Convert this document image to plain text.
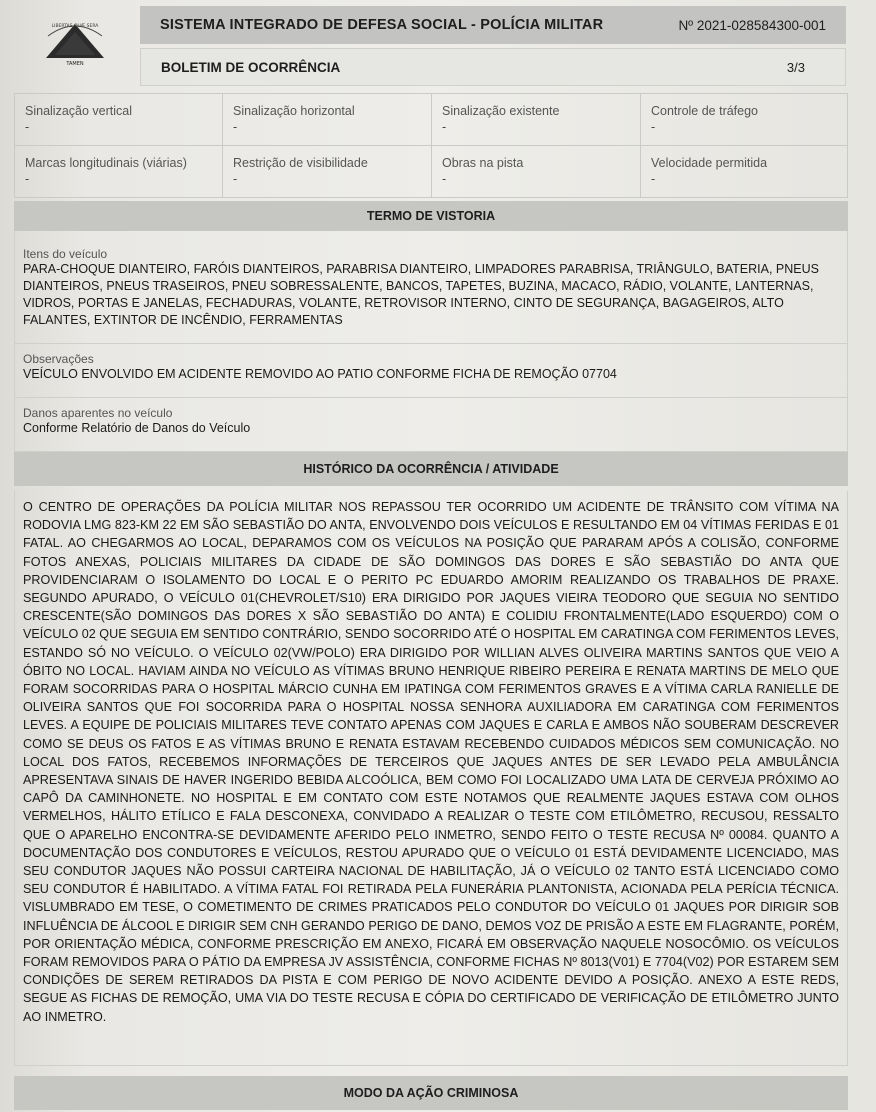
LIBERTAS QUÆ SERA
TAMEN
SISTEMA INTEGRADO DE DEFESA SOCIAL - POLÍCIA MILITAR	Nº 2021-028584300-001
BOLETIM DE OCORRÊNCIA	3/3
Sinalização vertical
-
Sinalização horizontal
-
Sinalização existente
-
Controle de tráfego
-
Marcas longitudinais (viárias)
-
Restrição de visibilidade
-
Obras na pista
-
Velocidade permitida
-
TERMO DE VISTORIA
Itens do veículo
PARA-CHOQUE DIANTEIRO, FARÓIS DIANTEIROS, PARABRISA DIANTEIRO, LIMPADORES PARABRISA, TRIÂNGULO, BATERIA, PNEUS DIANTEIROS, PNEUS TRASEIROS, PNEU SOBRESSALENTE, BANCOS, TAPETES, BUZINA, MACACO, RÁDIO, VOLANTE, LANTERNAS, VIDROS, PORTAS E JANELAS, FECHADURAS, VOLANTE, RETROVISOR INTERNO, CINTO DE SEGURANÇA, BAGAGEIROS, ALTO FALANTES, EXTINTOR DE INCÊNDIO, FERRAMENTAS
Observações
VEÍCULO ENVOLVIDO EM ACIDENTE REMOVIDO AO PATIO CONFORME FICHA DE REMOÇÃO 07704
Danos aparentes no veículo
Conforme Relatório de Danos do Veículo
HISTÓRICO DA OCORRÊNCIA / ATIVIDADE
O CENTRO DE OPERAÇÕES DA POLÍCIA MILITAR NOS REPASSOU TER OCORRIDO UM ACIDENTE DE TRÂNSITO COM VÍTIMA NA RODOVIA LMG 823-KM 22 EM SÃO SEBASTIÃO DO ANTA, ENVOLVENDO DOIS VEÍCULOS E RESULTANDO EM 04 VÍTIMAS FERIDAS E 01 FATAL. AO CHEGARMOS AO LOCAL, DEPARAMOS COM OS VEÍCULOS NA POSIÇÃO QUE PARARAM APÓS A COLISÃO, CONFORME FOTOS ANEXAS, POLICIAIS MILITARES DA CIDADE DE SÃO DOMINGOS DAS DORES E SÃO SEBASTIÃO DO ANTA QUE PROVIDENCIARAM O ISOLAMENTO DO LOCAL E O PERITO PC EDUARDO AMORIM REALIZANDO OS TRABALHOS DE PRAXE. SEGUNDO APURADO, O VEÍCULO 01(CHEVROLET/S10) ERA DIRIGIDO POR JAQUES VIEIRA TEODORO QUE SEGUIA NO SENTIDO CRESCENTE(SÃO DOMINGOS DAS DORES X SÃO SEBASTIÃO DO ANTA) E COLIDIU FRONTALMENTE(LADO ESQUERDO) COM O VEÍCULO 02 QUE SEGUIA EM SENTIDO CONTRÁRIO, SENDO SOCORRIDO ATÉ O HOSPITAL EM CARATINGA COM FERIMENTOS LEVES, ESTANDO SÓ NO VEÍCULO. O VEÍCULO 02(VW/POLO) ERA DIRIGIDO POR WILLIAN ALVES OLIVEIRA MARTINS SANTOS QUE VEIO A ÓBITO NO LOCAL. HAVIAM AINDA NO VEÍCULO AS VÍTIMAS BRUNO HENRIQUE RIBEIRO PEREIRA E RENATA MARTINS DE MELO QUE FORAM SOCORRIDAS PARA O HOSPITAL MÁRCIO CUNHA EM IPATINGA COM FERIMENTOS GRAVES E A VÍTIMA CARLA RANIELLE DE OLIVEIRA SANTOS QUE FOI SOCORRIDA PARA O HOSPITAL NOSSA SENHORA AUXILIADORA EM CARATINGA COM FERIMENTOS LEVES. A EQUIPE DE POLICIAIS MILITARES TEVE CONTATO APENAS COM JAQUES E CARLA E AMBOS NÃO SOUBERAM DESCREVER COMO SE DEUS OS FATOS E AS VÍTIMAS BRUNO E RENATA ESTAVAM RECEBENDO CUIDADOS MÉDICOS SEM COMUNICAÇÃO. NO LOCAL DOS FATOS, RECEBEMOS INFORMAÇÕES DE TERCEIROS QUE JAQUES ANTES DE SER LEVADO PELA AMBULÂNCIA APRESENTAVA SINAIS DE HAVER INGERIDO BEBIDA ALCOÓLICA, BEM COMO FOI LOCALIZADO UMA LATA DE CERVEJA PRÓXIMO AO CAPÔ DA CAMINHONETE. NO HOSPITAL E EM CONTATO COM ESTE NOTAMOS QUE REALMENTE JAQUES ESTAVA COM OLHOS VERMELHOS, HÁLITO ETÍLICO E FALA DESCONEXA, CONVIDADO A REALIZAR O TESTE COM ETILÔMETRO, RECUSOU, RESSALTO QUE O APARELHO ENCONTRA-SE DEVIDAMENTE AFERIDO PELO INMETRO, SENDO FEITO O TESTE RECUSA Nº 00084. QUANTO A DOCUMENTAÇÃO DOS CONDUTORES E VEÍCULOS, RESTOU APURADO QUE O VEÍCULO 01 ESTÁ DEVIDAMENTE LICENCIADO, MAS SEU CONDUTOR JAQUES NÃO POSSUI CARTEIRA NACIONAL DE HABILITAÇÃO, JÁ O VEÍCULO 02 TANTO ESTÁ LICENCIADO COMO SEU CONDUTOR É HABILITADO. A VÍTIMA FATAL FOI RETIRADA PELA FUNERÁRIA PLANTONISTA, ACIONADA PELA PERÍCIA TÉCNICA. VISLUMBRADO EM TESE, O COMETIMENTO DE CRIMES PRATICADOS PELO CONDUTOR DO VEÍCULO 01 JAQUES POR DIRIGIR SOB INFLUÊNCIA DE ÁLCOOL E DIRIGIR SEM CNH GERANDO PERIGO DE DANO, DEMOS VOZ DE PRISÃO A ESTE EM FLAGRANTE, PORÉM, POR ORIENTAÇÃO MÉDICA, CONFORME PRESCRIÇÃO EM ANEXO, FICARÁ EM OBSERVAÇÃO NAQUELE NOSOCÔMIO. OS VEÍCULOS FORAM REMOVIDOS PARA O PÁTIO DA EMPRESA JV ASSISTÊNCIA, CONFORME FICHAS Nº 8013(V01) E 7704(V02) POR ESTAREM SEM CONDIÇÕES DE SEREM RETIRADOS DA PISTA E COM PERIGO DE NOVO ACIDENTE DEVIDO A POSIÇÃO. ANEXO A ESTE REDS, SEGUE AS FICHAS DE REMOÇÃO, UMA VIA DO TESTE RECUSA E CÓPIA DO CERTIFICADO DE VERIFICAÇÃO DE ETILÔMETRO JUNTO AO INMETRO.
MODO DA AÇÃO CRIMINOSA
